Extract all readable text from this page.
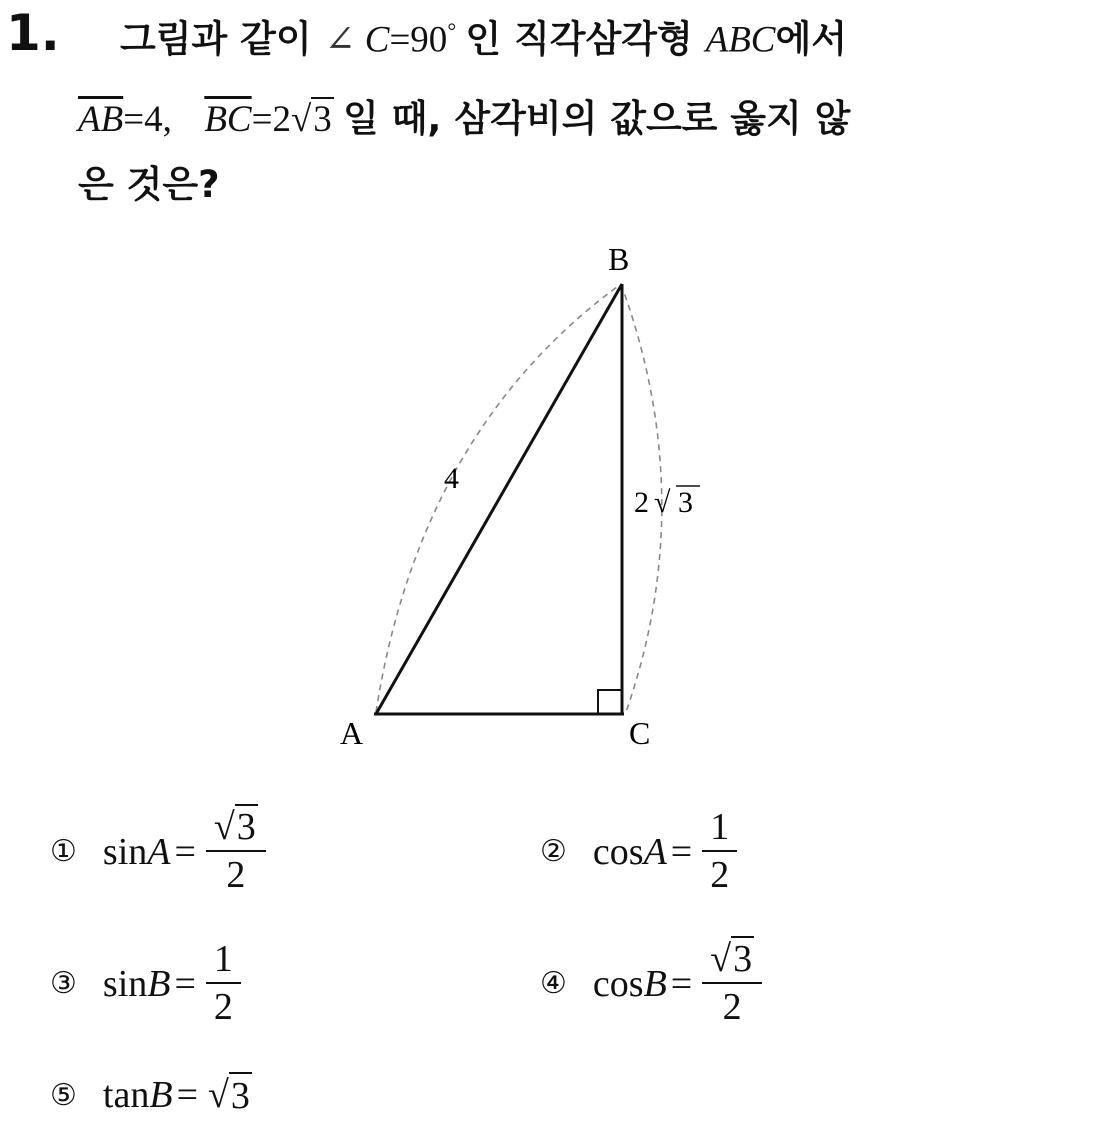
1. 그림과 같이 ∠ C=90° 인 직각삼각형 ABC에서
$\overline{AB}=4$, $\overline{BC}=2√3$ 일 때, 삼각비의 값으로 옳지 않
은 것은?
B
A	C
4
2 √ 3
① $\sin A = \frac{√3}{2}$	② $\cos A = \frac{1}{2}$
③ $\sin B = \frac{1}{2}$	④ $\cos B = \frac{√3}{2}$
⑤ tan B = √ 3
